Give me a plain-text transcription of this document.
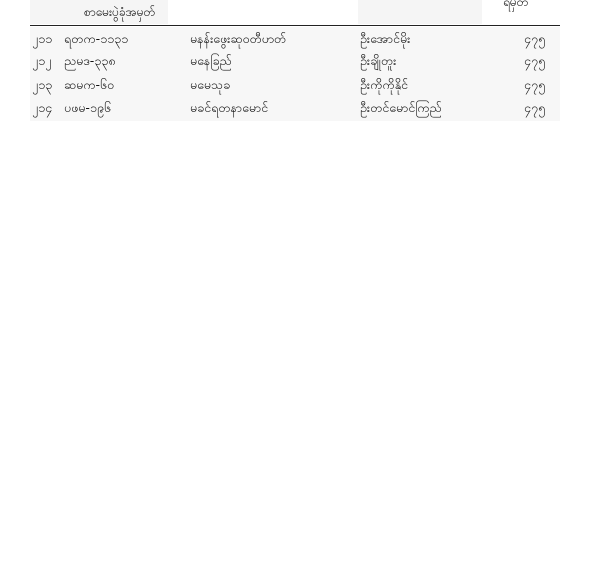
စာမေးပွဲခုံအမှတ်
ရမှတ
၂၁၁ ရတက-၁၁၃၁	မနန်းဖွေးဆုဝတီဟတ်	ဦးအောင်မိုး	၄၇၅
၂၁၂ ညမဒ-၃၃၈	မနေခြည်	ဦးချိုတူး	၄၇၅
၂၁၃ ဆမက-၆၀	မမေသုခ	ဦးကိုကိုနိုင်	၄၇၅
၂၁၄ ပဖမ-၁၉၆	မခင်ရတနာမောင်	ဦးတင်မောင်ကြည်	၄၇၅
